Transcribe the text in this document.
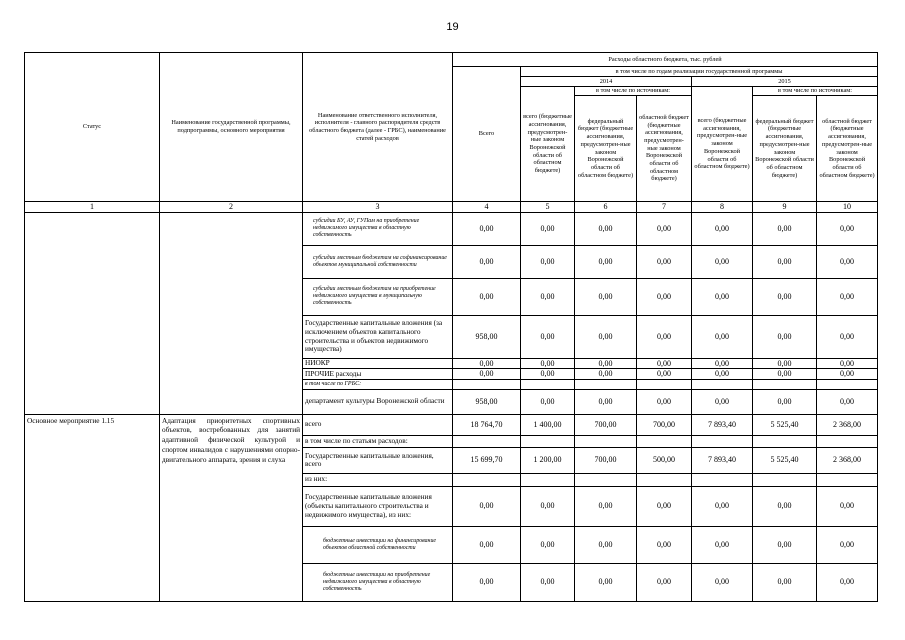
19
Статус	Наименование государственной программы, подпрограммы, основного мероприятия	Наименование ответственного исполнителя, исполнителя - главного распорядителя средств областного бюджета (далее - ГРБС), наименование статей расходов	Расходы областного бюджета, тыс. рублей						
			Всего	в том числе по годам реализации государственной программы					
				2014			2015		
				всего (бюджетные ассигнования, предусмотрен-ные законом Воронежской области об областном бюджете)	в том числе по источникам:		всего (бюджетные ассигнования, предусмотрен-ные законом Воронежской области об областном бюджете)	в том числе по источникам:	
					федеральный бюджет (бюджетные ассигнования, предусмотрен-ные законом Воронежской области об областном бюджете)	областной бюджет (бюджетные ассигнования, предусмотрен-ные законом Воронежской области об областном бюджете)		федеральный бюджет (бюджетные ассигнования, предусмотрен-ные законом Воронежской области об областном бюджете)	областной бюджет (бюджетные ассигнования, предусмотрен-ные законом Воронежской области об областном бюджете)
1	2	3	4	5	6	7	8	9	10
		субсидии БУ, АУ, ГУПам на приобретение недвижимого имущества в областную собственность	0,00	0,00	0,00	0,00	0,00	0,00	0,00
		субсидии местным бюджетам на софинансирование объектов муниципальной собственности	0,00	0,00	0,00	0,00	0,00	0,00	0,00
		субсидии местным бюджетам на приобретение недвижимого имущества в муниципальную собственность	0,00	0,00	0,00	0,00	0,00	0,00	0,00
		Государственные капитальные вложения (за исключением объектов капитального строительства и объектов недвижимого имущества)	958,00	0,00	0,00	0,00	0,00	0,00	0,00
		НИОКР	0,00	0,00	0,00	0,00	0,00	0,00	0,00
		ПРОЧИЕ расходы	0,00	0,00	0,00	0,00	0,00	0,00	0,00
		в том числе по ГРБС:							
		департамент культуры Воронежской области	958,00	0,00	0,00	0,00	0,00	0,00	0,00
Основное мероприятие 1.15	Адаптация приоритетных спортивных объектов, востребованных для занятий адаптивной физической культурой и спортом инвалидов с нарушениями опорно-двигательного аппарата, зрения и слуха	всего	18 764,70	1 400,00	700,00	700,00	7 893,40	5 525,40	2 368,00
		в том числе по статьям расходов:							
		Государственные капитальные вложения, всего	15 699,70	1 200,00	700,00	500,00	7 893,40	5 525,40	2 368,00
		из них:							
		Государственные капитальные вложения (объекты капитального строительства и недвижимого имущества), из них:	0,00	0,00	0,00	0,00	0,00	0,00	0,00
		бюджетные инвестиции на финансирование объектов областной собственности	0,00	0,00	0,00	0,00	0,00	0,00	0,00
		бюджетные инвестиции на приобретение недвижимого имущества в областную собственность	0,00	0,00	0,00	0,00	0,00	0,00	0,00
